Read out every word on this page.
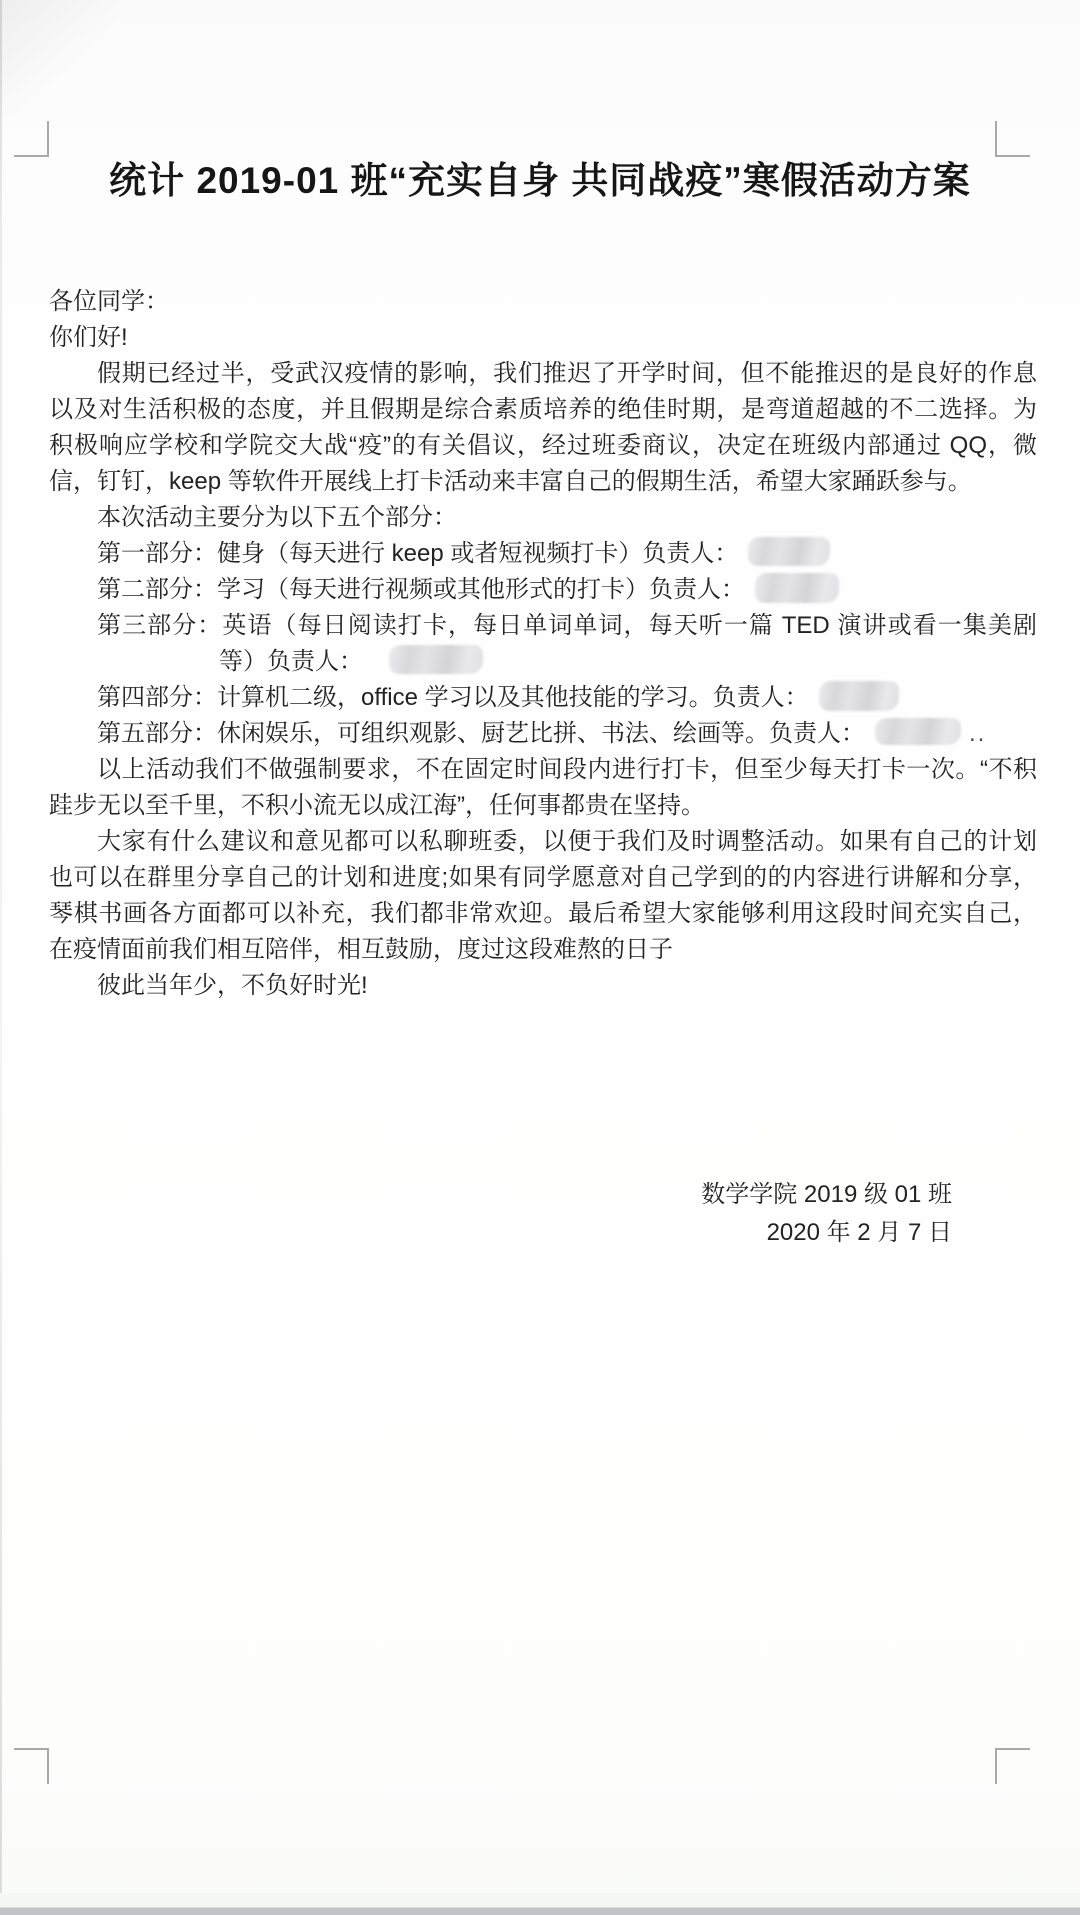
统计 2019-01 班“充实自身 共同战疫”寒假活动方案
各位同学：
你们好!
假期已经过半，受武汉疫情的影响，我们推迟了开学时间，但不能推迟的是良好的作息
以及对生活积极的态度，并且假期是综合素质培养的绝佳时期，是弯道超越的不二选择。为
积极响应学校和学院交大战“疫”的有关倡议，经过班委商议，决定在班级内部通过 QQ，微
信，钉钉，keep 等软件开展线上打卡活动来丰富自己的假期生活，希望大家踊跃参与。
本次活动主要分为以下五个部分：
第一部分：健身（每天进行 keep 或者短视频打卡）负责人：
第二部分：学习（每天进行视频或其他形式的打卡）负责人：
第三部分：英语（每日阅读打卡，每日单词单词，每天听一篇 TED 演讲或看一集美剧
等）负责人：
第四部分：计算机二级，office 学习以及其他技能的学习。负责人：
第五部分：休闲娱乐，可组织观影、厨艺比拼、书法、绘画等。负责人：	..
以上活动我们不做强制要求，不在固定时间段内进行打卡，但至少每天打卡一次。“不积
跬步无以至千里，不积小流无以成江海”，任何事都贵在坚持。
大家有什么建议和意见都可以私聊班委，以便于我们及时调整活动。如果有自己的计划
也可以在群里分享自己的计划和进度;如果有同学愿意对自己学到的的内容进行讲解和分享，
琴棋书画各方面都可以补充，我们都非常欢迎。最后希望大家能够利用这段时间充实自己，
在疫情面前我们相互陪伴，相互鼓励，度过这段难熬的日子
彼此当年少，不负好时光!
数学学院 2019 级 01 班
2020 年 2 月 7 日
